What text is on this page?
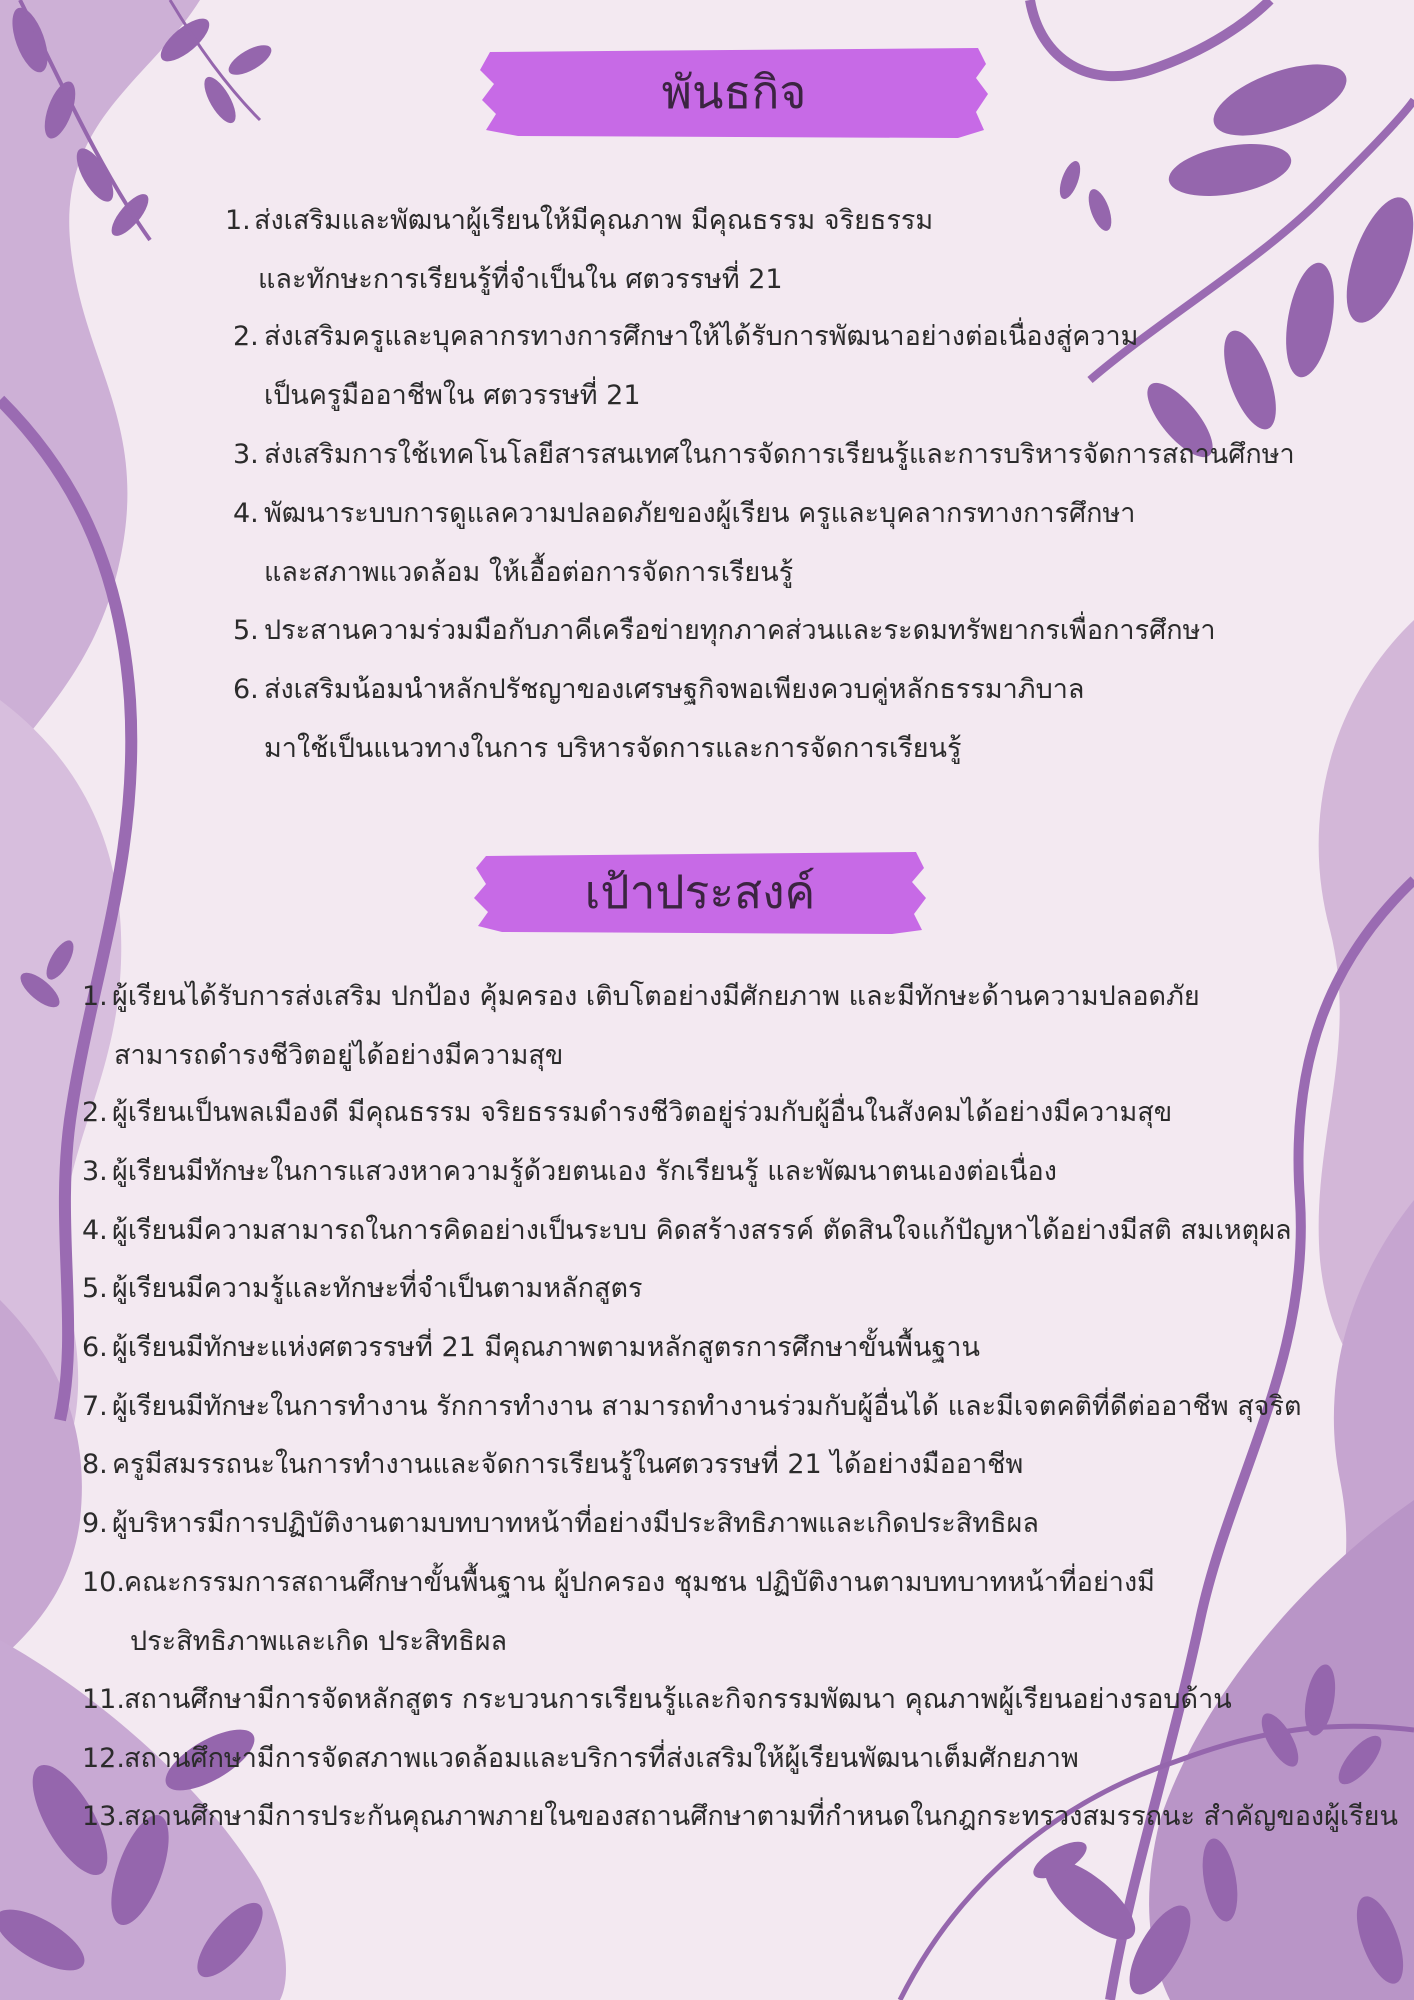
พันธกิจ
1. ส่งเสริมและพัฒนาผู้เรียนให้มีคุณภาพ มีคุณธรรม จริยธรรม
และทักษะการเรียนรู้ที่จำเป็นใน ศตวรรษที่ 21
2. ส่งเสริมครูและบุคลากรทางการศึกษาให้ได้รับการพัฒนาอย่างต่อเนื่องสู่ความ
เป็นครูมืออาชีพใน ศตวรรษที่ 21
3. ส่งเสริมการใช้เทคโนโลยีสารสนเทศในการจัดการเรียนรู้และการบริหารจัดการสถานศึกษา
4. พัฒนาระบบการดูแลความปลอดภัยของผู้เรียน ครูและบุคลากรทางการศึกษา
และสภาพแวดล้อม ให้เอื้อต่อการจัดการเรียนรู้
5. ประสานความร่วมมือกับภาคีเครือข่ายทุกภาคส่วนและระดมทรัพยากรเพื่อการศึกษา
6. ส่งเสริมน้อมนำหลักปรัชญาของเศรษฐกิจพอเพียงควบคู่หลักธรรมาภิบาล
มาใช้เป็นแนวทางในการ บริหารจัดการและการจัดการเรียนรู้
เป้าประสงค์
1. ผู้เรียนได้รับการส่งเสริม ปกป้อง คุ้มครอง เติบโตอย่างมีศักยภาพ และมีทักษะด้านความปลอดภัย
สามารถดำรงชีวิตอยู่ได้อย่างมีความสุข
2. ผู้เรียนเป็นพลเมืองดี มีคุณธรรม จริยธรรมดำรงชีวิตอยู่ร่วมกับผู้อื่นในสังคมได้อย่างมีความสุข
3. ผู้เรียนมีทักษะในการแสวงหาความรู้ด้วยตนเอง รักเรียนรู้ และพัฒนาตนเองต่อเนื่อง
4. ผู้เรียนมีความสามารถในการคิดอย่างเป็นระบบ คิดสร้างสรรค์ ตัดสินใจแก้ปัญหาได้อย่างมีสติ สมเหตุผล
5. ผู้เรียนมีความรู้และทักษะที่จำเป็นตามหลักสูตร
6. ผู้เรียนมีทักษะแห่งศตวรรษที่ 21 มีคุณภาพตามหลักสูตรการศึกษาขั้นพื้นฐาน
7. ผู้เรียนมีทักษะในการทำงาน รักการทำงาน สามารถทำงานร่วมกับผู้อื่นได้ และมีเจตคติที่ดีต่ออาชีพ สุจริต
8. ครูมีสมรรถนะในการทำงานและจัดการเรียนรู้ในศตวรรษที่ 21 ได้อย่างมืออาชีพ
9. ผู้บริหารมีการปฏิบัติงานตามบทบาทหน้าที่อย่างมีประสิทธิภาพและเกิดประสิทธิผล
10. คณะกรรมการสถานศึกษาขั้นพื้นฐาน ผู้ปกครอง ชุมชน ปฏิบัติงานตามบทบาทหน้าที่อย่างมี
ประสิทธิภาพและเกิด ประสิทธิผล
11. สถานศึกษามีการจัดหลักสูตร กระบวนการเรียนรู้และกิจกรรมพัฒนา คุณภาพผู้เรียนอย่างรอบด้าน
12. สถานศึกษามีการจัดสภาพแวดล้อมและบริการที่ส่งเสริมให้ผู้เรียนพัฒนาเต็มศักยภาพ
13. สถานศึกษามีการประกันคุณภาพภายในของสถานศึกษาตามที่กำหนดในกฎกระทรวงสมรรถนะ สำคัญของผู้เรียน
